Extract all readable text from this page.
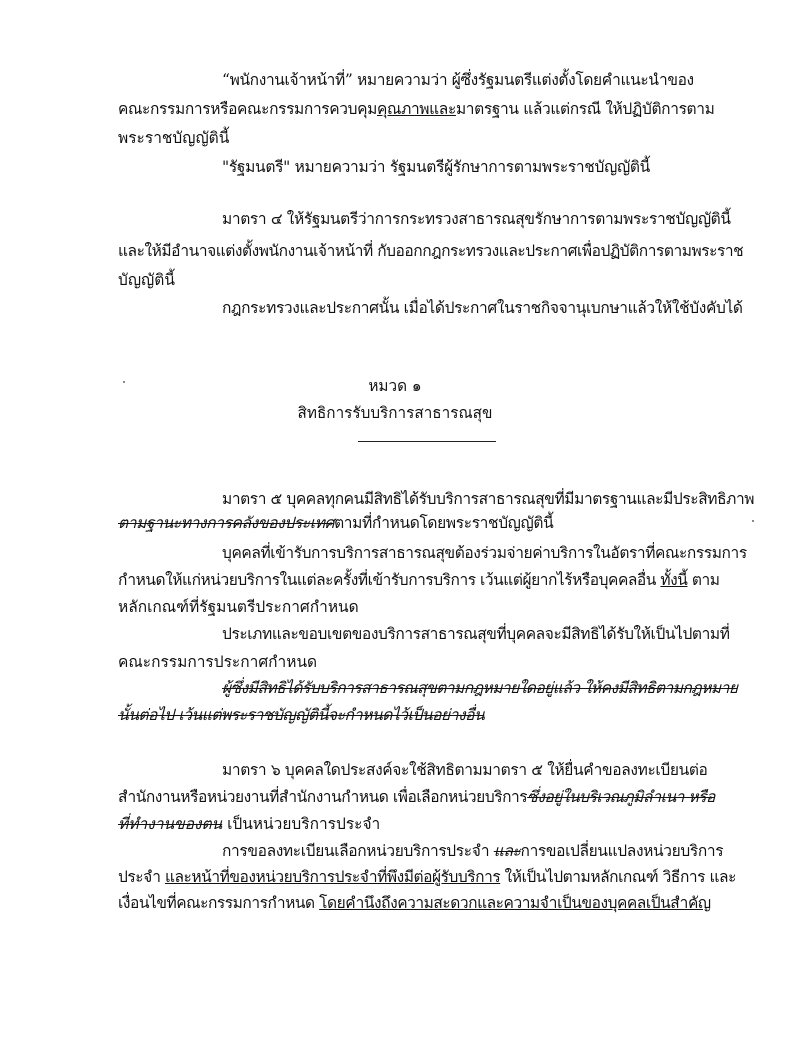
“พนักงานเจ้าหน้าที่” หมายความว่า ผู้ซึ่งรัฐมนตรีแต่งตั้งโดยคำแนะนำของ
คณะกรรมการหรือคณะกรรมการควบคุมคุณภาพและมาตรฐาน แล้วแต่กรณี ให้ปฏิบัติการตาม
พระราชบัญญัตินี้
"รัฐมนตรี" หมายความว่า รัฐมนตรีผู้รักษาการตามพระราชบัญญัตินี้
มาตรา ๔ ให้รัฐมนตรีว่าการกระทรวงสาธารณสุขรักษาการตามพระราชบัญญัตินี้
และให้มีอำนาจแต่งตั้งพนักงานเจ้าหน้าที่ กับออกกฎกระทรวงและประกาศเพื่อปฏิบัติการตามพระราช
บัญญัตินี้
กฎกระทรวงและประกาศนั้น เมื่อได้ประกาศในราชกิจจานุเบกษาแล้วให้ใช้บังคับได้
หมวด ๑
สิทธิการรับบริการสาธารณสุข
มาตรา ๕ บุคคลทุกคนมีสิทธิได้รับบริการสาธารณสุขที่มีมาตรฐานและมีประสิทธิภาพ
ตามฐานะทางการคลังของประเทศตามที่กำหนดโดยพระราชบัญญัตินี้
บุคคลที่เข้ารับการบริการสาธารณสุขต้องร่วมจ่ายค่าบริการในอัตราที่คณะกรรมการ
กำหนดให้แก่หน่วยบริการในแต่ละครั้งที่เข้ารับการบริการ เว้นแต่ผู้ยากไร้หรือบุคคลอื่น ทั้งนี้ ตาม
หลักเกณฑ์ที่รัฐมนตรีประกาศกำหนด
ประเภทและขอบเขตของบริการสาธารณสุขที่บุคคลจะมีสิทธิได้รับให้เป็นไปตามที่
คณะกรรมการประกาศกำหนด
ผู้ซึ่งมีสิทธิได้รับบริการสาธารณสุขตามกฎหมายใดอยู่แล้ว ให้คงมีสิทธิตามกฎหมาย
นั้นต่อไป เว้นแต่พระราชบัญญัตินี้จะกำหนดไว้เป็นอย่างอื่น
มาตรา ๖ บุคคลใดประสงค์จะใช้สิทธิตามมาตรา ๕ ให้ยื่นคำขอลงทะเบียนต่อ
สำนักงานหรือหน่วยงานที่สำนักงานกำหนด เพื่อเลือกหน่วยบริการซึ่งอยู่ในบริเวณภูมิลำเนา หรือ
ที่ทำงานของตน เป็นหน่วยบริการประจำ
การขอลงทะเบียนเลือกหน่วยบริการประจำ และการขอเปลี่ยนแปลงหน่วยบริการ
ประจำ และหน้าที่ของหน่วยบริการประจำที่พึงมีต่อผู้รับบริการ ให้เป็นไปตามหลักเกณฑ์ วิธีการ และ
เงื่อนไขที่คณะกรรมการกำหนด โดยคำนึงถึงความสะดวกและความจำเป็นของบุคคลเป็นสำคัญ
